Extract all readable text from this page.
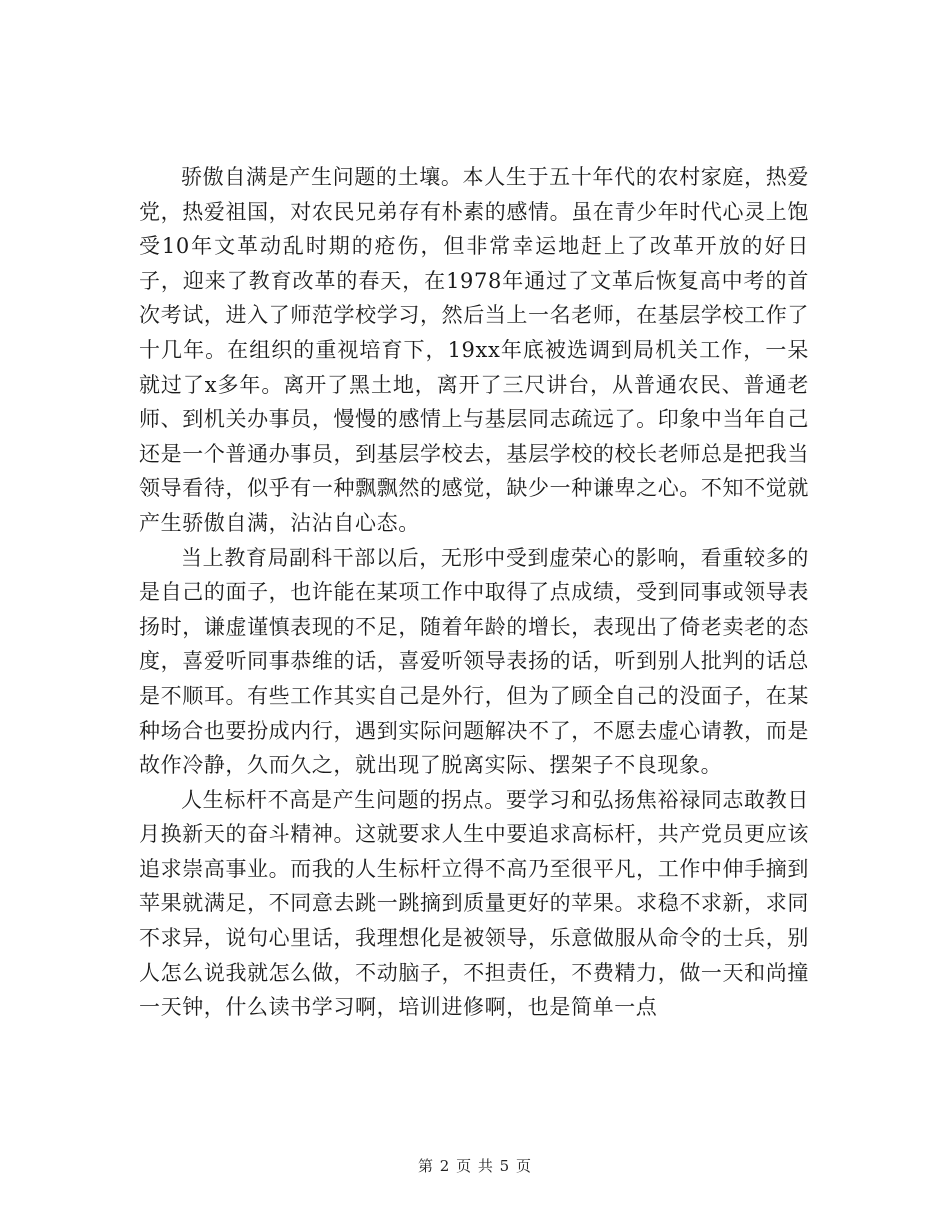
骄傲自满是产生问题的土壤。本人生于五十年代的农村家庭，热爱党，热爱祖国，对农民兄弟存有朴素的感情。虽在青少年时代心灵上饱受10年文革动乱时期的疮伤，但非常幸运地赶上了改革开放的好日子，迎来了教育改革的春天，在1978年通过了文革后恢复高中考的首次考试，进入了师范学校学习，然后当上一名老师，在基层学校工作了十几年。在组织的重视培育下，19xx年底被选调到局机关工作，一呆就过了x多年。离开了黑土地，离开了三尺讲台，从普通农民、普通老师、到机关办事员，慢慢的感情上与基层同志疏远了。印象中当年自己还是一个普通办事员，到基层学校去，基层学校的校长老师总是把我当领导看待，似乎有一种飘飘然的感觉，缺少一种谦卑之心。不知不觉就产生骄傲自满，沾沾自心态。

当上教育局副科干部以后，无形中受到虚荣心的影响，看重较多的是自己的面子，也许能在某项工作中取得了点成绩，受到同事或领导表扬时，谦虚谨慎表现的不足，随着年龄的增长，表现出了倚老卖老的态度，喜爱听同事恭维的话，喜爱听领导表扬的话，听到别人批判的话总是不顺耳。有些工作其实自己是外行，但为了顾全自己的没面子，在某种场合也要扮成内行，遇到实际问题解决不了，不愿去虚心请教，而是故作冷静，久而久之，就出现了脱离实际、摆架子不良现象。

人生标杆不高是产生问题的拐点。要学习和弘扬焦裕禄同志敢教日月换新天的奋斗精神。这就要求人生中要追求高标杆，共产党员更应该追求崇高事业。而我的人生标杆立得不高乃至很平凡，工作中伸手摘到苹果就满足，不同意去跳一跳摘到质量更好的苹果。求稳不求新，求同不求异，说句心里话，我理想化是被领导，乐意做服从命令的士兵，别人怎么说我就怎么做，不动脑子，不担责任，不费精力，做一天和尚撞一天钟，什么读书学习啊，培训进修啊，也是简单一点

第 2 页 共 5 页
